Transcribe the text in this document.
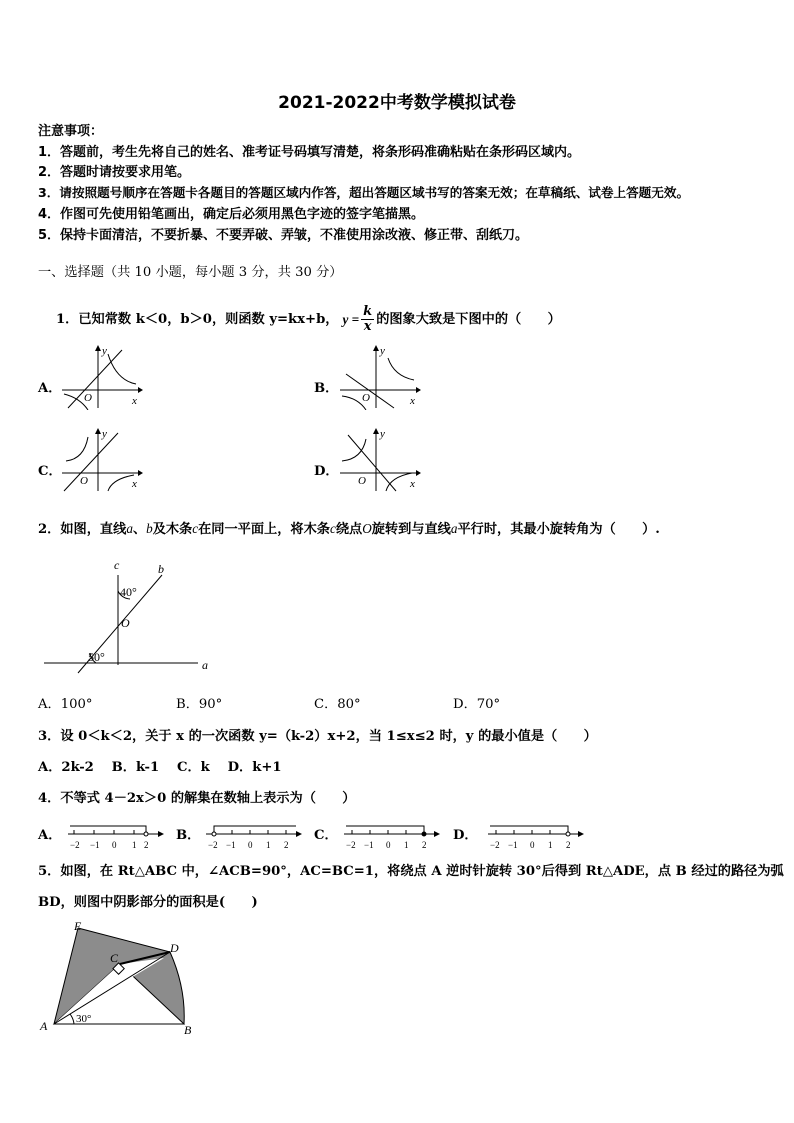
2021-2022中考数学模拟试卷
注意事项：
1．答题前，考生先将自己的姓名、准考证号码填写清楚，将条形码准确粘贴在条形码区域内。
2．答题时请按要求用笔。
3．请按照题号顺序在答题卡各题目的答题区域内作答，超出答题区域书写的答案无效；在草稿纸、试卷上答题无效。
4．作图可先使用铅笔画出，确定后必须用黑色字迹的签字笔描黑。
5．保持卡面清洁，不要折暴、不要弄破、弄皱，不准使用涂改液、修正带、刮纸刀。
一、选择题（共 10 小题，每小题 3 分，共 30 分）
1．已知常数 k＜0，b＞0，则函数 y=kx+b， $y = \frac{k}{x}$ 的图象大致是下图中的（　　）
A．	B．
C．	D．
y
x
O
y
x
O
y
x
O
y
x
O
2．如图，直线a、b及木条c在同一平面上，将木条c绕点O旋转到与直线a平行时，其最小旋转角为（　　）.
c	b
a
O
40°
50°
A．100°	B．90°	C．80°	D．70°
3．设 0＜k＜2，关于 x 的一次函数 y=（k-2）x+2，当 1≤x≤2 时，y 的最小值是（　　）
A．2k-2　 B．k-1　 C．k　 D．k+1
4．不等式 4－2x＞0 的解集在数轴上表示为（　　）
A．	B．	C．	D．
−2 −1 0 1 2	−2 −1 0 1 2	−2 −1 0 1 2	−2 −1 0 1 2
5．如图，在 Rt△ABC 中，∠ACB=90°，AC=BC=1，将绕点 A 逆时针旋转 30°后得到 Rt△ADE，点 B 经过的路径为弧
BD，则图中阴影部分的面积是(　　)
E
C
D
A	B
30°
